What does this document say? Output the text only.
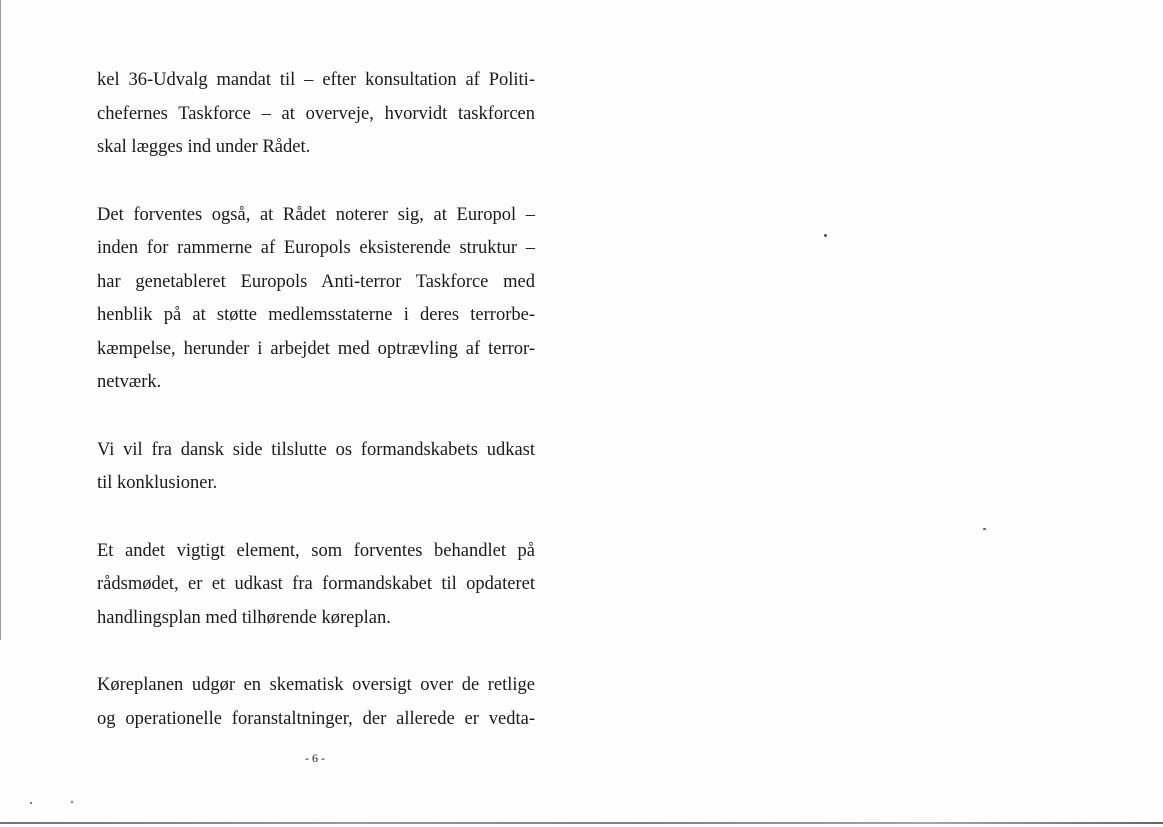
kel 36-Udvalg mandat til – efter konsultation af Politi-
chefernes Taskforce – at overveje, hvorvidt taskforcen
skal lægges ind under Rådet.
Det forventes også, at Rådet noterer sig, at Europol –
inden for rammerne af Europols eksisterende struktur –
har genetableret Europols Anti-terror Taskforce med
henblik på at støtte medlemsstaterne i deres terrorbe-
kæmpelse, herunder i arbejdet med optrævling af terror-
netværk.
Vi vil fra dansk side tilslutte os formandskabets udkast
til konklusioner.
Et andet vigtigt element, som forventes behandlet på
rådsmødet, er et udkast fra formandskabet til opdateret
handlingsplan med tilhørende køreplan.
Køreplanen udgør en skematisk oversigt over de retlige
og operationelle foranstaltninger, der allerede er vedta-
- 6 -
